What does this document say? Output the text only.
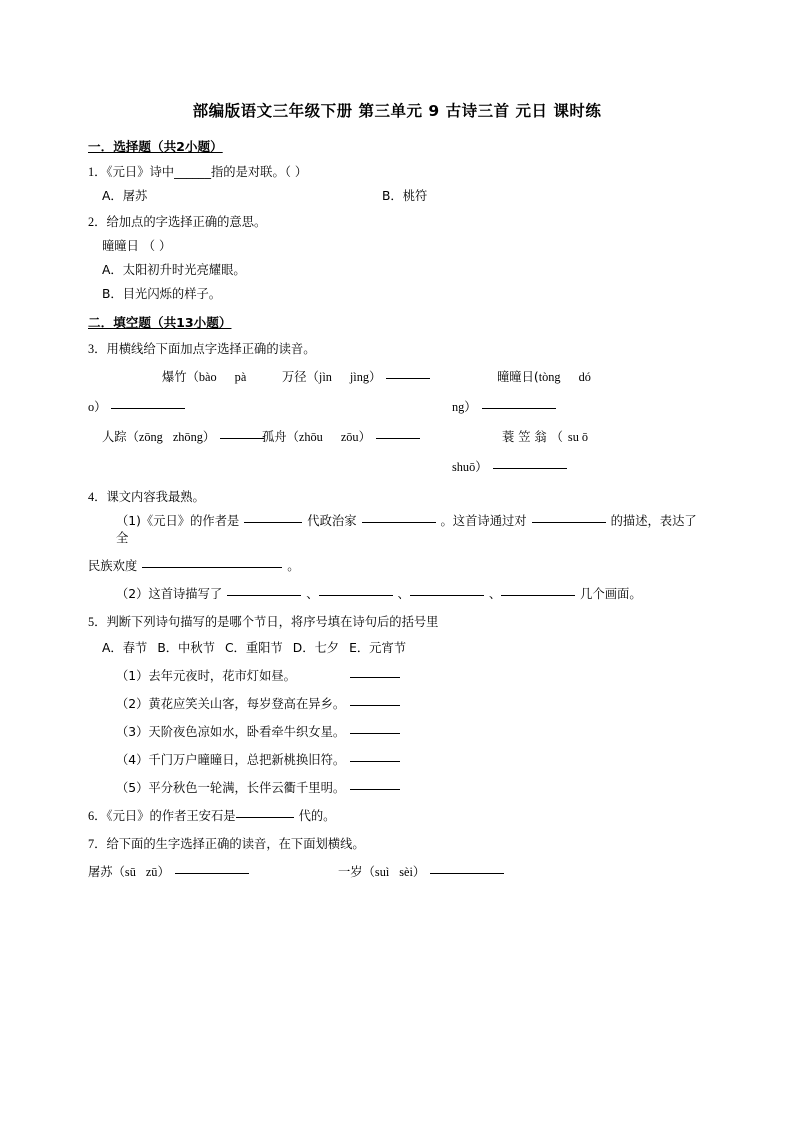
部编版语文三年级下册 第三单元 9 古诗三首 元日 课时练
一．选择题（共2小题）
1．《元日》诗中______指的是对联。（ ）
A．屠苏	B．桃符
2．给加点的字选择正确的意思。
曈曈日 （ ）
A．太阳初升时光亮耀眼。
B．目光闪烁的样子。
二．填空题（共13小题）
3．用横线给下面加点字选择正确的读音。
爆竹（bào pà	万径（jìn jìng）	曈曈日(tòng dó
o）	ng）
人踪（zōng zhōng）	孤舟（zhōu zōu）	蓑 笠 翁 （ su ō
shuō）
4．课文内容我最熟。
（1)《元日》的作者是	代政治家	。这首诗通过对	的描述，表达了全
民族欢度	。
（2）这首诗描写了	、	、	、	几个画面。
5．判断下列诗句描写的是哪个节日，将序号填在诗句后的括号里
A．春节 B．中秋节 C．重阳节 D．七夕 E．元宵节
（1）去年元夜时，花市灯如昼。
（2）黄花应笑关山客，每岁登高在异乡。
（3）天阶夜色凉如水，卧看牵牛织女星。
（4）千门万户曈曈日，总把新桃换旧符。
（5）平分秋色一轮满，长伴云衢千里明。
6．《元日》的作者王安石是	代的。
7．给下面的生字选择正确的读音，在下面划横线。
屠苏（sū zū）	一岁（suì sèi）
